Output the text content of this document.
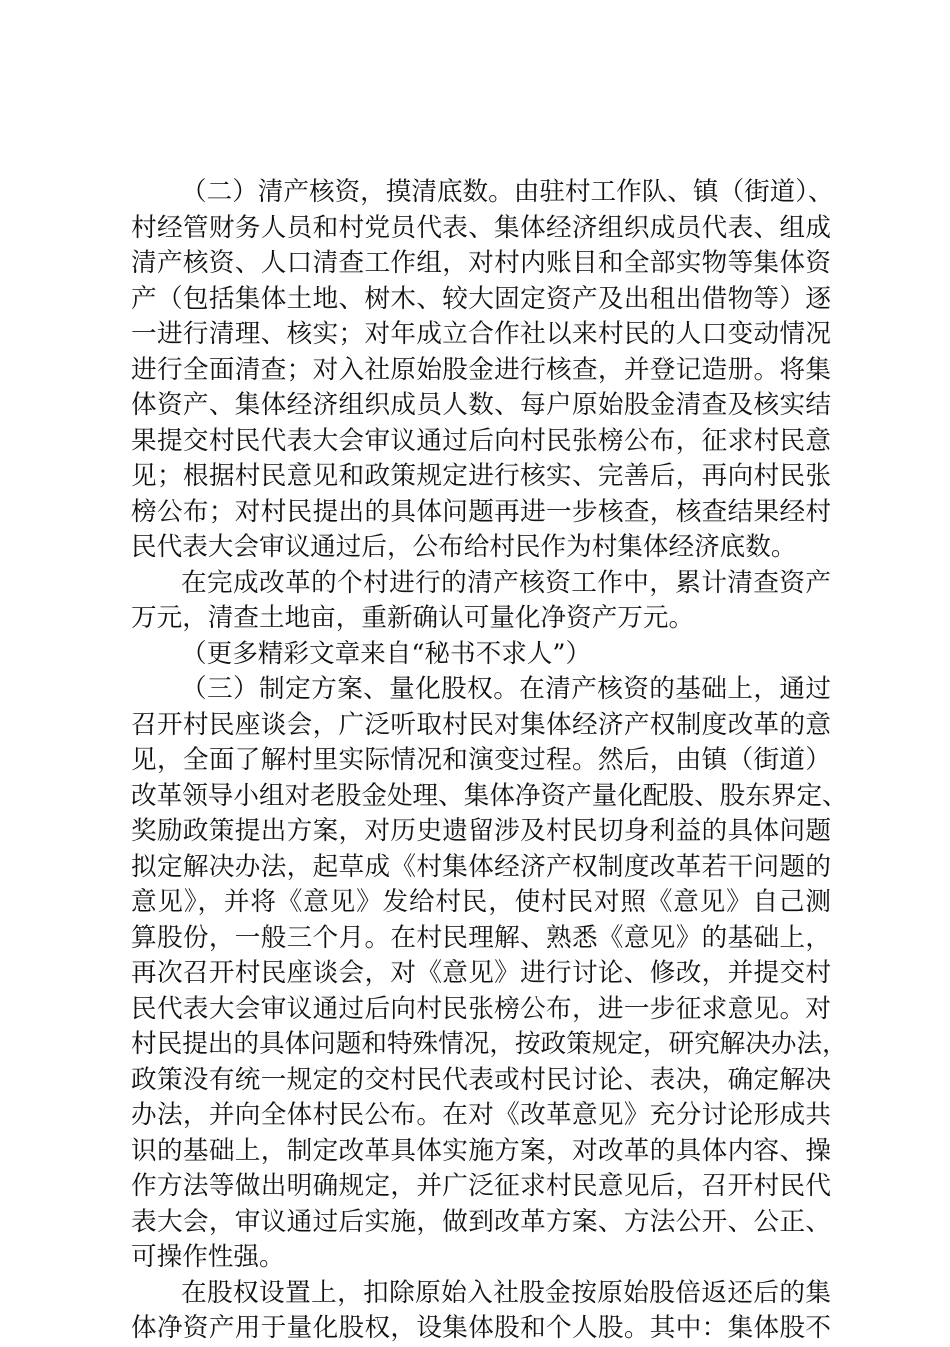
（二）清产核资，摸清底数。由驻村工作队、镇（街道）、
村经管财务人员和村党员代表、集体经济组织成员代表、组成
清产核资、人口清查工作组，对村内账目和全部实物等集体资
产（包括集体土地、树木、较大固定资产及出租出借物等）逐
一进行清理、核实；对年成立合作社以来村民的人口变动情况
进行全面清查；对入社原始股金进行核查，并登记造册。将集
体资产、集体经济组织成员人数、每户原始股金清查及核实结
果提交村民代表大会审议通过后向村民张榜公布，征求村民意
见；根据村民意见和政策规定进行核实、完善后，再向村民张
榜公布；对村民提出的具体问题再进一步核查，核查结果经村
民代表大会审议通过后，公布给村民作为村集体经济底数。
在完成改革的个村进行的清产核资工作中，累计清查资产
万元，清查土地亩，重新确认可量化净资产万元。
（更多精彩文章来自“秘书不求人”）
（三）制定方案、量化股权。在清产核资的基础上，通过
召开村民座谈会，广泛听取村民对集体经济产权制度改革的意
见，全面了解村里实际情况和演变过程。然后，由镇（街道）
改革领导小组对老股金处理、集体净资产量化配股、股东界定、
奖励政策提出方案，对历史遗留涉及村民切身利益的具体问题
拟定解决办法，起草成《村集体经济产权制度改革若干问题的
意见》，并将《意见》发给村民，使村民对照《意见》自己测
算股份，一般三个月。在村民理解、熟悉《意见》的基础上，
再次召开村民座谈会，对《意见》进行讨论、修改，并提交村
民代表大会审议通过后向村民张榜公布，进一步征求意见。对
村民提出的具体问题和特殊情况，按政策规定，研究解决办法，
政策没有统一规定的交村民代表或村民讨论、表决，确定解决
办法，并向全体村民公布。在对《改革意见》充分讨论形成共
识的基础上，制定改革具体实施方案，对改革的具体内容、操
作方法等做出明确规定，并广泛征求村民意见后，召开村民代
表大会，审议通过后实施，做到改革方案、方法公开、公正、
可操作性强。
在股权设置上，扣除原始入社股金按原始股倍返还后的集
体净资产用于量化股权，设集体股和个人股。其中：集体股不
